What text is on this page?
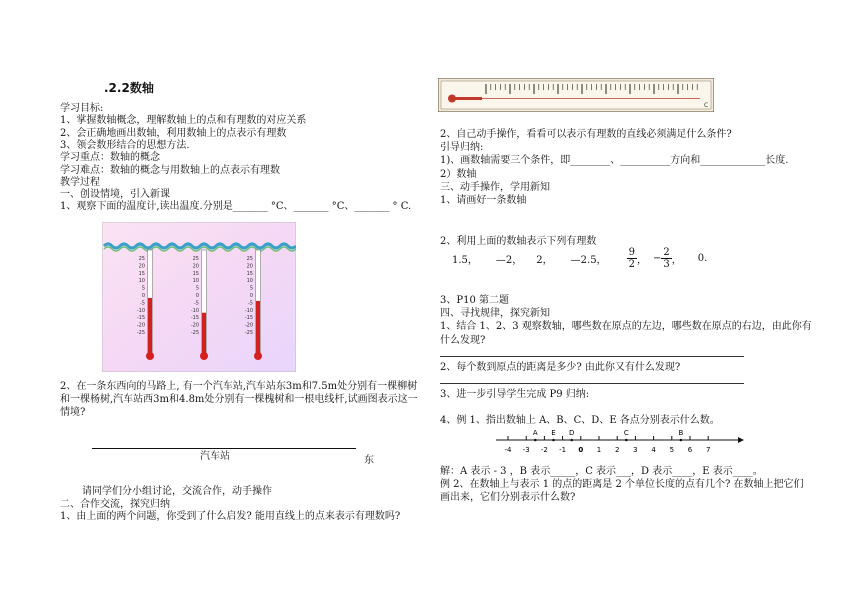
.2.2数轴
学习目标:
1、掌握数轴概念，理解数轴上的点和有理数的对应关系
2、会正确地画出数轴，利用数轴上的点表示有理数
3、领会数形结合的思想方法.
学习重点：数轴的概念
学习难点：数轴的概念与用数轴上的点表示有理数
教学过程
一、创设情境，引入新课
1、观察下面的温度计,读出温度.分别是_______ °C、_______ °C、_______ ° C.
25
20
15
10
5
0
-5
-10
-15
-20
-25
25
20
15
10
5
0
-5
-10
-15
-20
-25
25
20
15
10
5
0
-5
-10
-15
-20
-25
2、在一条东西向的马路上, 有一个汽车站,汽车站东3m和7.5m处分别有一棵柳树
和一棵杨树,汽车站西3m和4.8m处分别有一棵槐树和一根电线杆,试画图表示这一
情境?
汽车站	东
请同学们分小组讨论，交流合作，动手操作
二、合作交流，探究归纳
1、由上面的两个问题，你受到了什么启发? 能用直线上的点来表示有理数吗?
C
2、自己动手操作，看看可以表示有理数的直线必须满足什么条件?
引导归纳:
1)、画数轴需要三个条件，即________、__________方向和_____________长度.
2）数轴
三、动手操作，学用新知
1、请画好一条数轴
2、利用上面的数轴表示下列有理数
1.5， —2， 2， —2.5， $\frac{9}{2}$ ， − $\frac{2}{3}$ ， 0.
3、P10 第二题
四、寻找规律，探究新知
1、结合 1、2、3 观察数轴，哪些数在原点的左边，哪些数在原点的右边，由此你有
什么发现?
2、每个数到原点的距离是多少? 由此你又有什么发现?
3、进一步引导学生完成 P9 归纳:
4、例 1、指出数轴上 A、B、C、D、E 各点分别表示什么数。
-4 -3 -2 -1 0 1 2 3 4 5 6 7
A E D	C	B
解：A 表示 - 3 ，B 表示_____，C 表示___，D 表示____，E 表示____。
例 2、在数轴上与表示 1 的点的距离是 2 个单位长度的点有几个? 在数轴上把它们
画出来，它们分别表示什么数?
